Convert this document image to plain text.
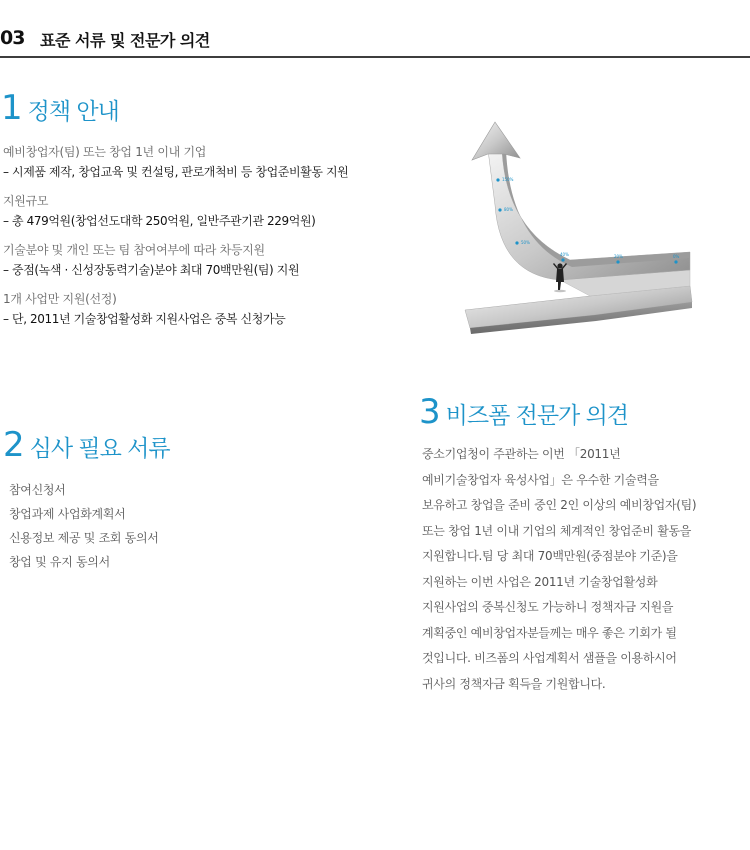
03 표준 서류 및 전문가 의견
1 정책 안내
예비창업자(팀) 또는 창업 1년 이내 기업
– 시제품 제작, 창업교육 및 컨설팅, 판로개척비 등 창업준비활동 지원
지원규모
– 총 479억원(창업선도대학 250억원, 일반주관기관 229억원)
기술분야 및 개인 또는 팀 참여여부에 따라 차등지원
– 중점(녹색 · 신성장동력기술)분야 최대 70백만원(팀) 지원
1개 사업만 지원(선정)
– 단, 2011년 기술창업활성화 지원사업은 중복 신청가능
150%
80%
50%
40%	20%	0%
2 심사 필요 서류
참여신청서
창업과제 사업화계획서
신용정보 제공 및 조회 동의서
창업 및 유지 동의서
3 비즈폼 전문가 의견
중소기업청이 주관하는 이번 「2011년
예비기술창업자 육성사업」은 우수한 기술력을
보유하고 창업을 준비 중인 2인 이상의 예비창업자(팀)
또는 창업 1년 이내 기업의 체계적인 창업준비 활동을
지원합니다.팀 당 최대 70백만원(중점분야 기준)을
지원하는 이번 사업은 2011년 기술창업활성화
지원사업의 중복신청도 가능하니 정책자금 지원을
계획중인 예비창업자분들께는 매우 좋은 기회가 될
것입니다. 비즈폼의 사업계획서 샘플을 이용하시어
귀사의 정책자금 획득을 기원합니다.
